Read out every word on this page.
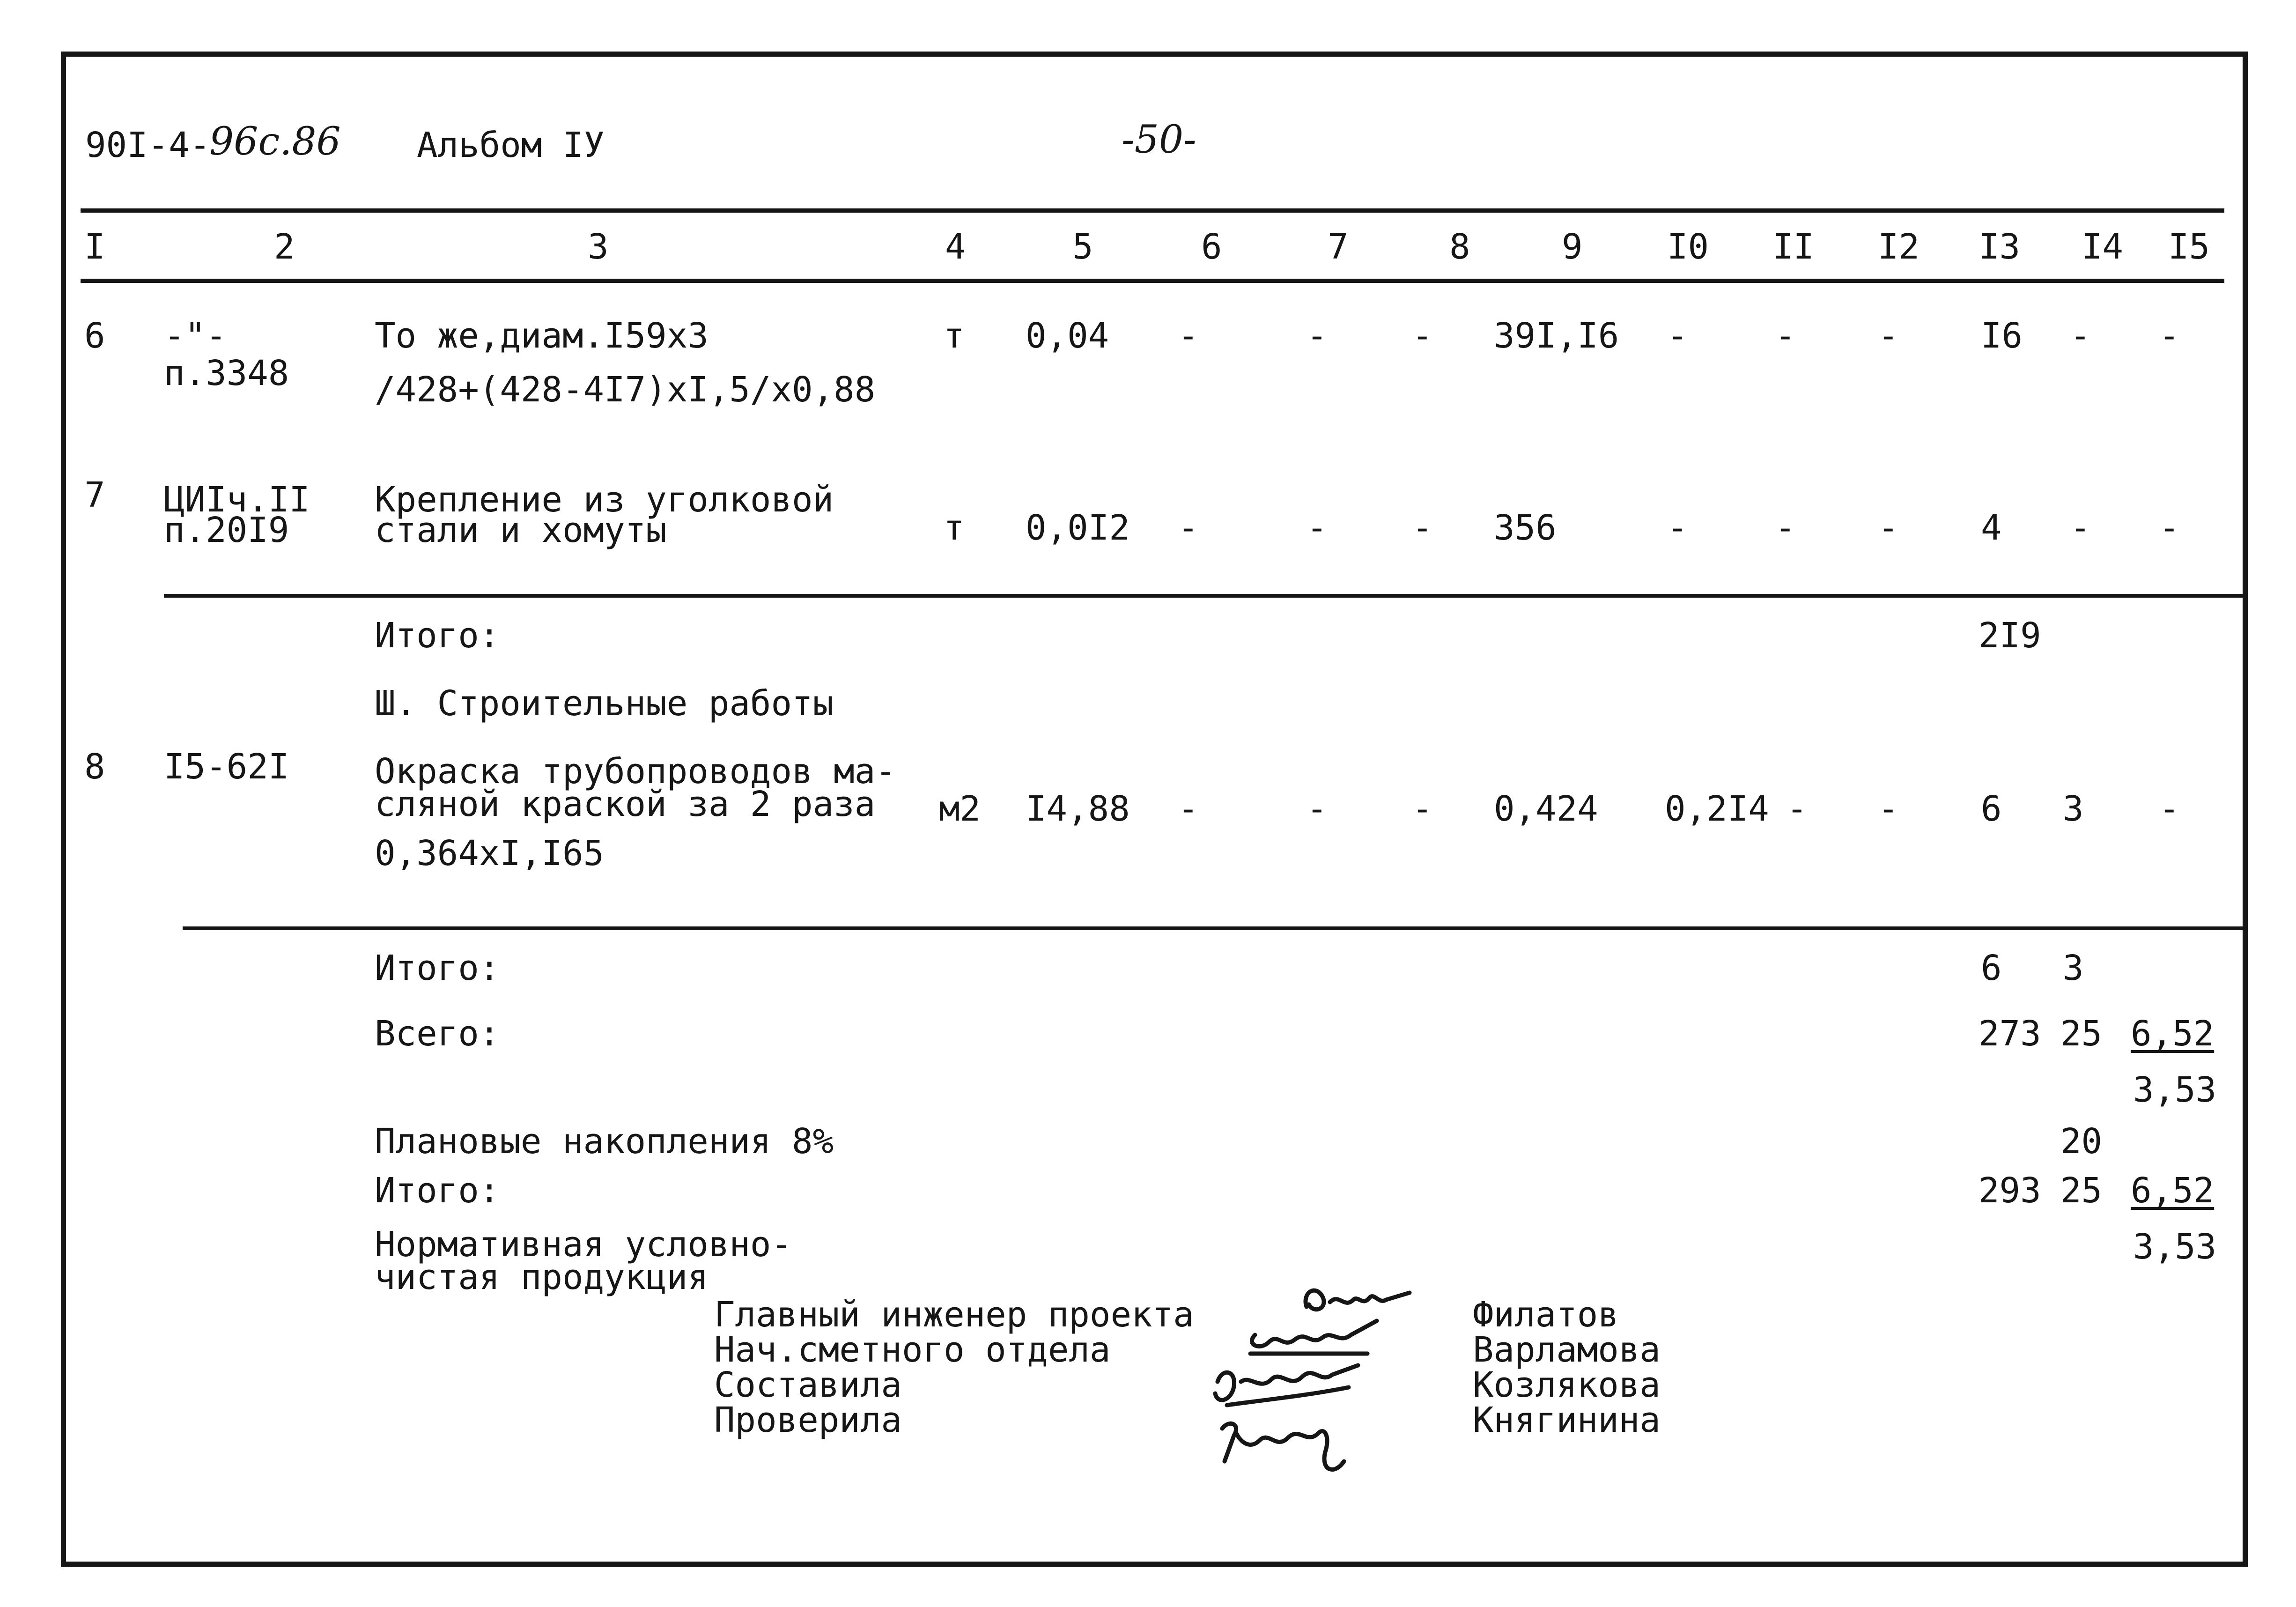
90I-4-
96с.86 Альбом IУ	-50-
I	2	3	4	5	6	7	8	9 I0 II I2 I3 I4 I5
6 -"-
п.3348
То же,диам.I59x3
/428+(428-4I7)xI,5/x0,88
т 0,04 -	- - 39I,I6 -	- - I6 - -
7 ЦИIч.II
п.20I9
Крепление из уголковой
стали и хомуты	т 0,0I2 -	- - 356	-	- - 4 - -
Итого:	2I9
Ш. Строительные работы
8 I5-62I Окраска трубопроводов ма-
сляной краской за 2 раза
0,364xI,I65
м2 I4,88 -	- - 0,424 0,2I4 - - 6 3 -
Итого:	6 3
Всего:	273 25 6,52
3,53
Плановые накопления 8%	20
Итого:	293 25 6,52
3,53
Нормативная условно-
чистая продукция
Главный инженер проекта
Нач.сметного отдела
Составила
Проверила
Филатов
Варламова
Козлякова
Княгинина
